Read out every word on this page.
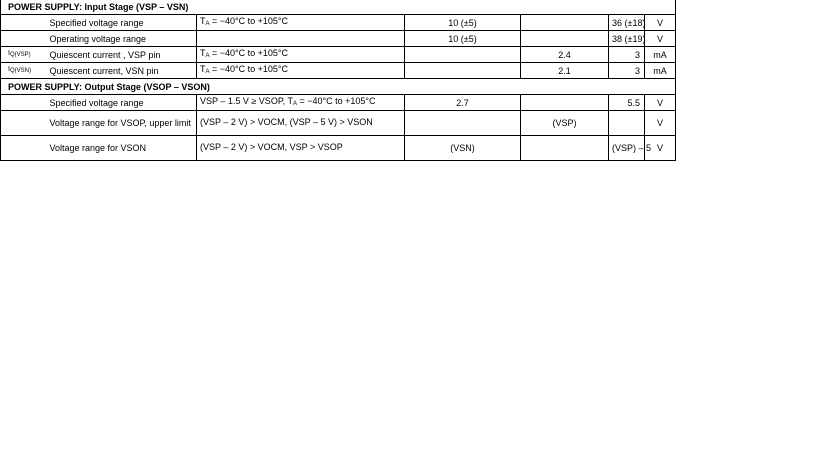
POWER SUPPLY: Input Stage (VSP – VSN)						
	Specified voltage range	TA = −40°C to +105°C	10 (±5)		36 (±18)	V
	Operating voltage range		10 (±5)		38 (±19)	V
IQ(VSP)	Quiescent current , VSP pin	TA = −40°C to +105°C		2.4	3	mA
IQ(VSN)	Quiescent current, VSN pin	TA = −40°C to +105°C		2.1	3	mA
POWER SUPPLY: Output Stage (VSOP – VSON)						
	Specified voltage range	VSP – 1.5 V ≥ VSOP, TA = −40°C to +105°C	2.7		5.5	V
	Voltage range for VSOP, upper limit	(VSP – 2 V) > VOCM, (VSP – 5 V) > VSON		(VSP)		V
	Voltage range for VSON	(VSP – 2 V) > VOCM, VSP > VSOP	(VSN)		(VSP) – 5	V
